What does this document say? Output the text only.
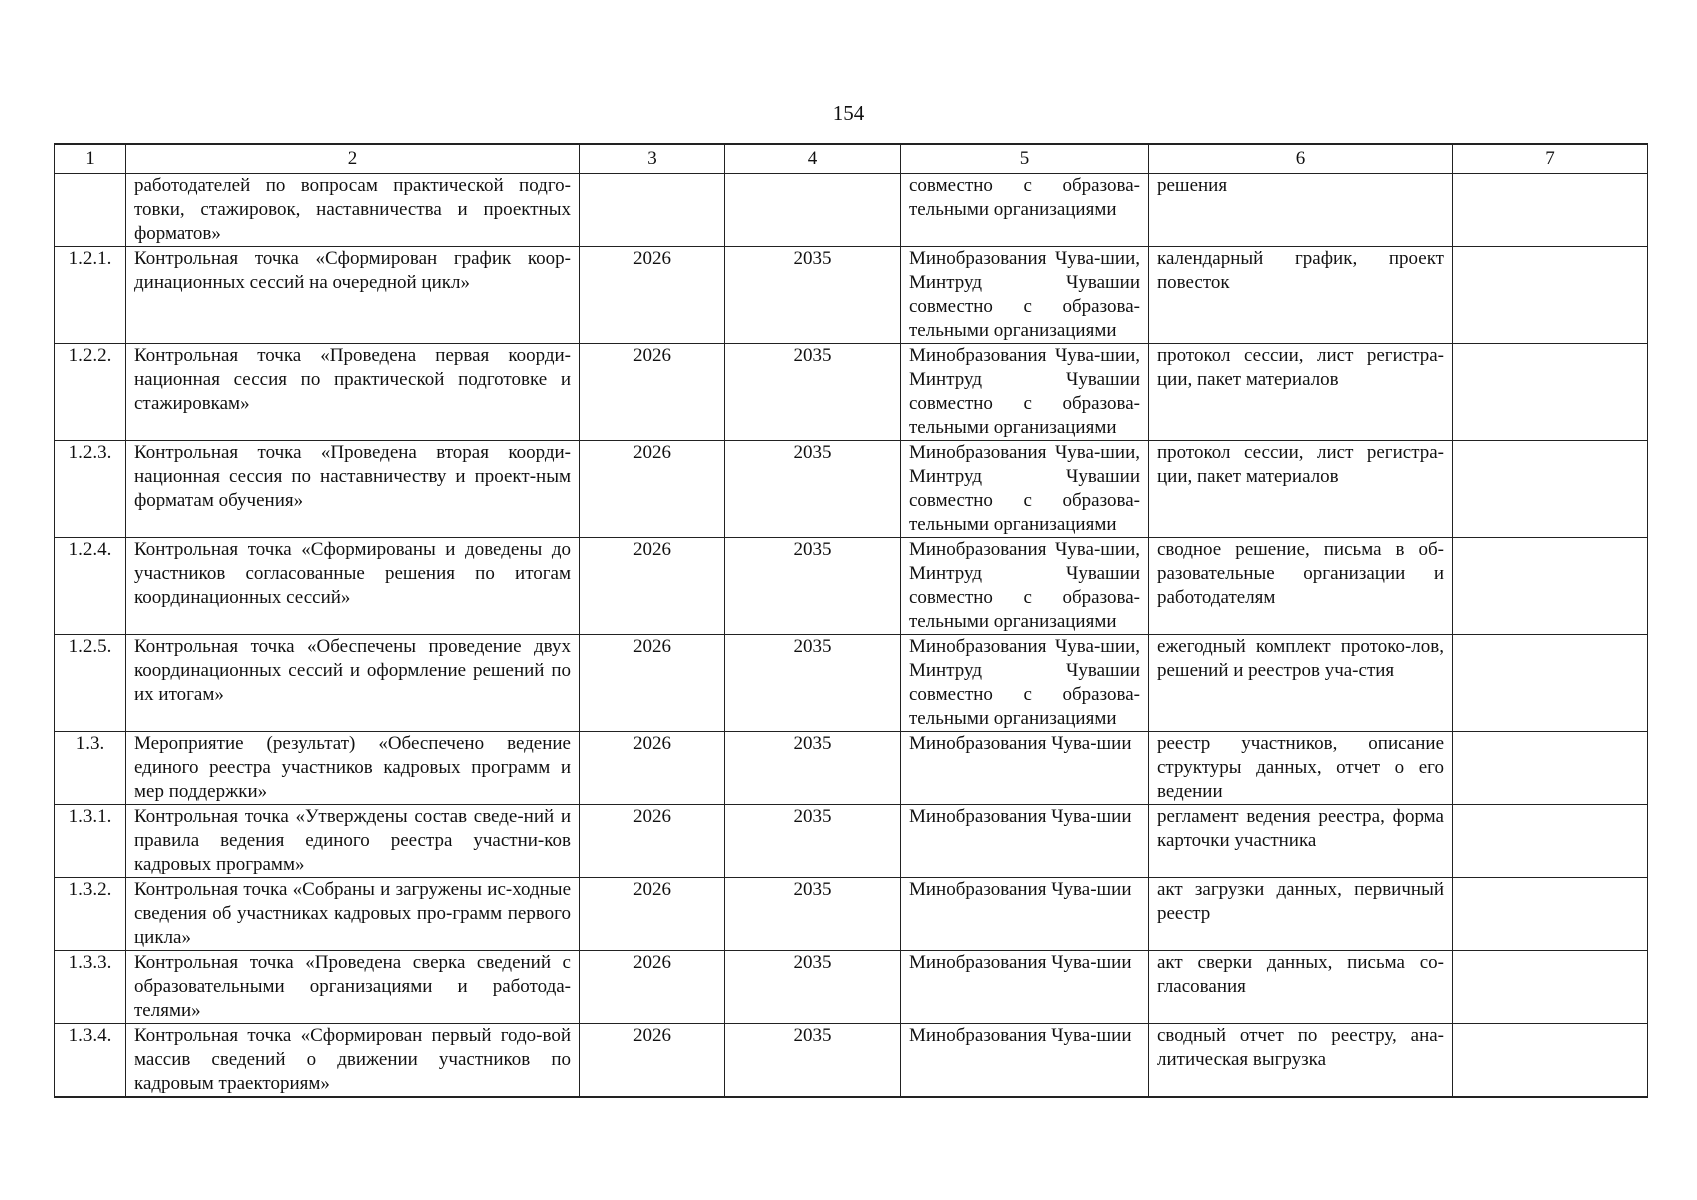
154
1	2	3	4	5	6	7
	работодателей по вопросам практической подго-товки, стажировок, наставничества и проектных форматов»			совместно с образова-тельными организациями	решения	
1.2.1.	Контрольная точка «Сформирован график коор-динационных сессий на очередной цикл»	2026	2035	Минобразования Чува-шии, Минтруд Чувашии совместно с образова-тельными организациями	календарный график, проект повесток	
1.2.2.	Контрольная точка «Проведена первая коорди-национная сессия по практической подготовке и стажировкам»	2026	2035	Минобразования Чува-шии, Минтруд Чувашии совместно с образова-тельными организациями	протокол сессии, лист регистра-ции, пакет материалов	
1.2.3.	Контрольная точка «Проведена вторая коорди-национная сессия по наставничеству и проект-ным форматам обучения»	2026	2035	Минобразования Чува-шии, Минтруд Чувашии совместно с образова-тельными организациями	протокол сессии, лист регистра-ции, пакет материалов	
1.2.4.	Контрольная точка «Сформированы и доведены до участников согласованные решения по итогам координационных сессий»	2026	2035	Минобразования Чува-шии, Минтруд Чувашии совместно с образова-тельными организациями	сводное решение, письма в об-разовательные организации и работодателям	
1.2.5.	Контрольная точка «Обеспечены проведение двух координационных сессий и оформление решений по их итогам»	2026	2035	Минобразования Чува-шии, Минтруд Чувашии совместно с образова-тельными организациями	ежегодный комплект протоко-лов, решений и реестров уча-стия	
1.3.	Мероприятие (результат) «Обеспечено ведение единого реестра участников кадровых программ и мер поддержки»	2026	2035	Минобразования Чува-шии	реестр участников, описание структуры данных, отчет о его ведении	
1.3.1.	Контрольная точка «Утверждены состав сведе-ний и правила ведения единого реестра участни-ков кадровых программ»	2026	2035	Минобразования Чува-шии	регламент ведения реестра, форма карточки участника	
1.3.2.	Контрольная точка «Собраны и загружены ис-ходные сведения об участниках кадровых про-грамм первого цикла»	2026	2035	Минобразования Чува-шии	акт загрузки данных, первичный реестр	
1.3.3.	Контрольная точка «Проведена сверка сведений с образовательными организациями и работода-телями»	2026	2035	Минобразования Чува-шии	акт сверки данных, письма со-гласования	
1.3.4.	Контрольная точка «Сформирован первый годо-вой массив сведений о движении участников по кадровым траекториям»	2026	2035	Минобразования Чува-шии	сводный отчет по реестру, ана-литическая выгрузка	
